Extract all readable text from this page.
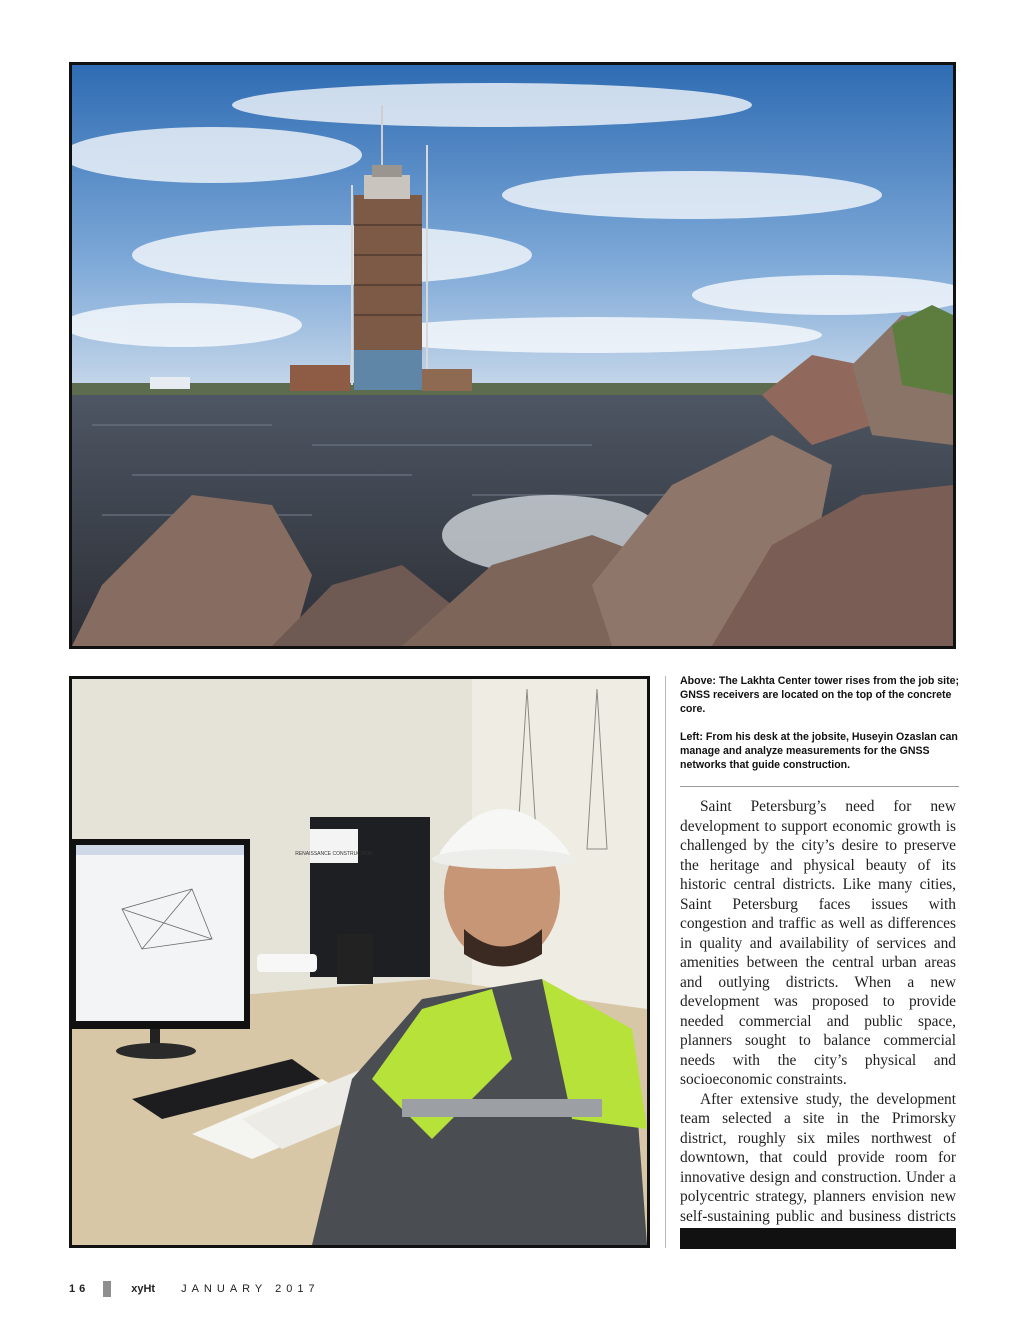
RENAISSANCE CONSTRUCTION

Above: The Lakhta Center tower rises from the job site; GNSS receivers are located on the top of the concrete core.

Left: From his desk at the jobsite, Huseyin Ozaslan can manage and analyze measurements for the GNSS networks that guide construction.

Saint Petersburg’s need for new development to support economic growth is challenged by the city’s desire to preserve the heritage and physical beauty of its historic central districts. Like many cities, Saint Petersburg faces issues with congestion and traffic as well as differences in quality and availability of services and amenities between the central urban areas and outlying districts. When a new development was proposed to provide needed commercial and public space, planners sought to balance commercial needs with the city’s physical and socioeconomic constraints.

After extensive study, the development team selected a site in the Primorsky district, roughly six miles northwest of downtown, that could provide room for innovative design and construction. Under a polycentric strategy, planners envision new self-sustaining public and business districts

16	xyHt JANUARY 2017
